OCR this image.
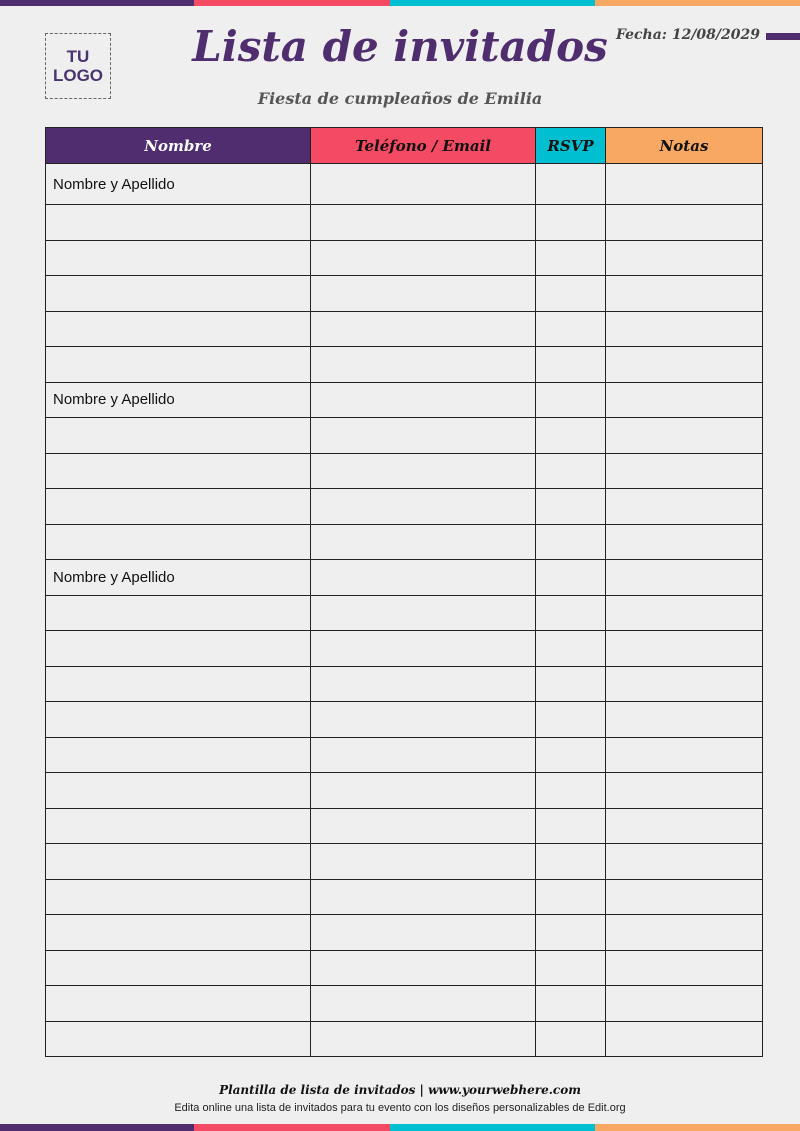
TU
LOGO
Lista de invitados
Fiesta de cumpleaños de Emilia
Fecha: 12/08/2029
Nombre	Teléfono / Email	RSVP	Notas
Nombre y Apellido			

Nombre y Apellido			

Nombre y Apellido			

Plantilla de lista de invitados | www.yourwebhere.com
Edita online una lista de invitados para tu evento con los diseños personalizables de Edit.org
